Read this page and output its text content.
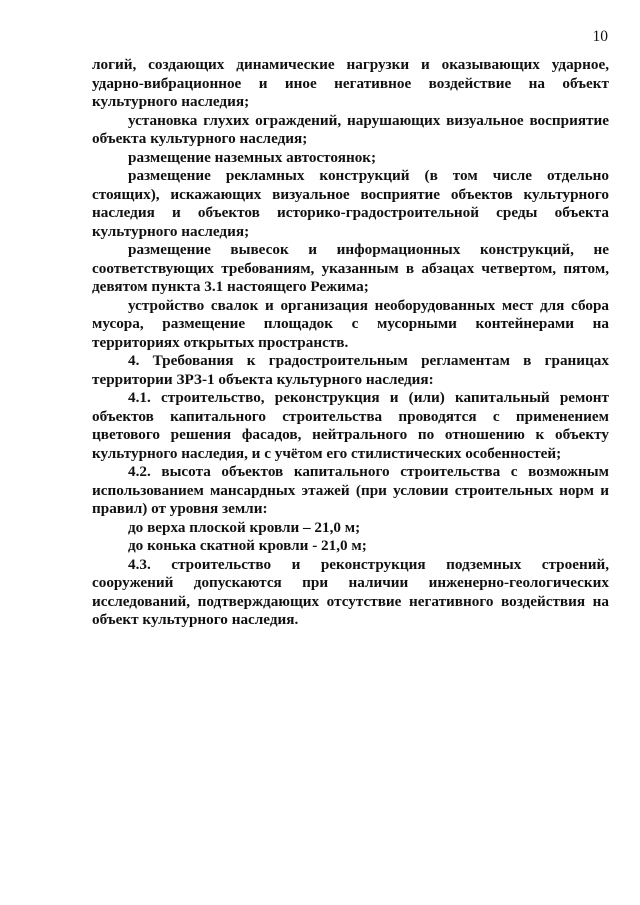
10

логий, создающих динамические нагрузки и оказывающих ударное, ударно-вибрационное и иное негативное воздействие на объект культурного наследия;

установка глухих ограждений, нарушающих визуальное восприятие объекта культурного наследия;

размещение наземных автостоянок;

размещение рекламных конструкций (в том числе отдельно стоящих), искажающих визуальное восприятие объектов культурного наследия и объектов историко-градостроительной среды объекта культурного наследия;

размещение вывесок и информационных конструкций, не соответствующих требованиям, указанным в абзацах четвертом, пятом, девятом пункта 3.1 настоящего Режима;

устройство свалок и организация необорудованных мест для сбора мусора, размещение площадок с мусорными контейнерами на территориях открытых пространств.

4. Требования к градостроительным регламентам в границах территории ЗРЗ-1 объекта культурного наследия:

4.1. строительство, реконструкция и (или) капитальный ремонт объектов капитального строительства проводятся с применением цветового решения фасадов, нейтрального по отношению к объекту культурного наследия, и с учётом его стилистических особенностей;

4.2. высота объектов капитального строительства с возможным использованием мансардных этажей (при условии строительных норм и правил) от уровня земли:

до верха плоской кровли – 21,0 м;

до конька скатной кровли - 21,0 м;

4.3. строительство и реконструкция подземных строений, сооружений допускаются при наличии инженерно-геологических исследований, подтверждающих отсутствие негативного воздействия на объект культурного наследия.
